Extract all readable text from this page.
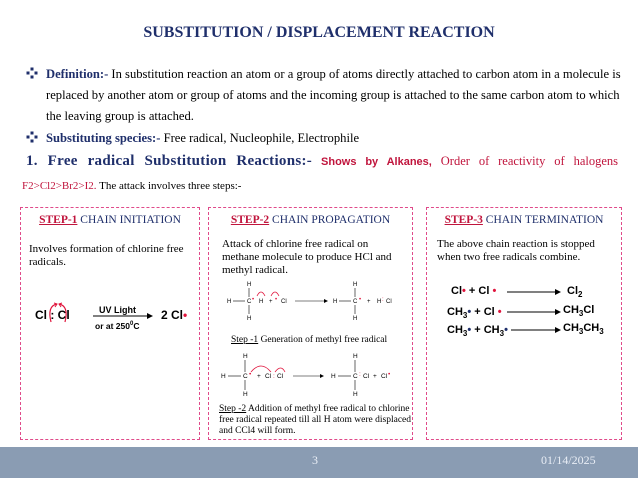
SUBSTITUTION / DISPLACEMENT REACTION
Definition:- In substitution reaction an atom or a group of atoms directly attached to carbon atom in a molecule is replaced by another atom or group of atoms and the incoming group is attached to the same carbon atom to which the leaving group is attached.
Substituting species:- Free radical, Nucleophile, Electrophile
1. Free radical Substitution Reactions:- Shows by Alkanes, Order of reactivity of halogens
F2>Cl2>Br2>I2. The attack involves three steps:-
STEP-1 CHAIN INITIATION
Involves formation of chlorine free radicals.
Cl : Cl	UV Light
or at $250^0C$
2 Cl•
STEP-2 CHAIN PROPAGATION
Attack of chlorine free radical on methane molecule to produce HCl and methyl radical.
H
H
H	C • H + • Cl
H
H
H	C • + H : Cl
Step -1 Generation of methyl free radical
H
H
H	C • + Cl : Cl
H
H
H	C : Cl + Cl •
Step -2 Addition of methyl free radical to chlorine free radical repeated till all H atom were displaced and CCl4 will form.
STEP-3 CHAIN TERMINATION
The above chain reaction is stopped when two free radicals combine.
Cl• + Cl • → $Cl_2$
$CH_3• + Cl$ • → $CH_3Cl$
$CH_3•$ + $CH_3• \to CH_3CH_3$
3	01/14/2025
